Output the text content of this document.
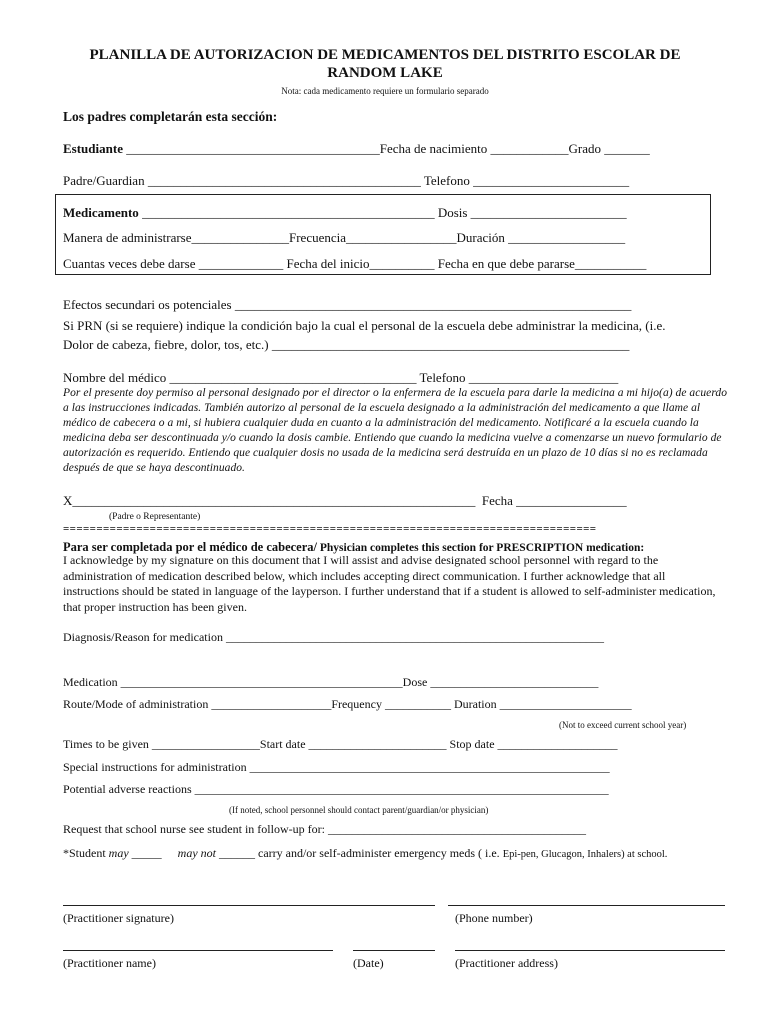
PLANILLA DE AUTORIZACION DE MEDICAMENTOS DEL DISTRITO ESCOLAR DE
RANDOM LAKE
Nota: cada medicamento requiere un formulario separado
Los padres completarán esta sección:
Estudiante _______________________________________Fecha de nacimiento ____________Grado _______
Padre/Guardian __________________________________________ Telefono ________________________
Medicamento _____________________________________________ Dosis ________________________
Manera de administrarse_______________Frecuencia_________________Duración __________________
Cuantas veces debe darse _____________ Fecha del inicio__________ Fecha en que debe pararse___________
Efectos secundari os potenciales _____________________________________________________________
Si PRN (si se requiere) indique la condición bajo la cual el personal de la escuela debe administrar la medicina, (i.e.
Dolor de cabeza, fiebre, dolor, tos, etc.) _______________________________________________________
Nombre del médico ______________________________________ Telefono _______________________
Por el presente doy permiso al personal designado por el director o la enfermera de la escuela para darle la medicina a mi hijo(a) de acuerdo a las instrucciones indicadas. También autorizo al personal de la escuela designado a la administración del medicamento a que llame al médico de cabecera o a mi, si hubiera cualquier duda en cuanto a la administración del medicamento. Notificaré a la escuela cuando la medicina deba ser descontinuada y/o cuando la dosis cambie. Entiendo que cuando la medicina vuelve a comenzarse un nuevo formulario de autorización es requerido. Entiendo que cualquier dosis no usada de la medicina será destruída en un plazo de 10 días si no es reclamada después de que se haya descontinuado.
X______________________________________________________________  Fecha _________________
(Padre o Representante)
================================================================================
Para ser completada por el médico de cabecera/ Physician completes this section for PRESCRIPTION medication:
I acknowledge by my signature on this document that I will assist and advise designated school personnel with regard to the administration of medication described below, which includes accepting direct communication. I further acknowledge that all instructions should be stated in language of the layperson. I further understand that if a student is allowed to self-administer medication, that proper instruction has been given.
Diagnosis/Reason for medication _______________________________________________________________
Medication _______________________________________________Dose ____________________________
Route/Mode of administration ____________________Frequency ___________ Duration ______________________
(Not to exceed current school year)
Times to be given __________________Start date _______________________ Stop date ____________________
Special instructions for administration ____________________________________________________________
Potential adverse reactions _____________________________________________________________________
(If noted, school personnel should contact parent/guardian/or physician)
Request that school nurse see student in follow-up for: ___________________________________________
*Student may _____ may not ______ carry and/or self-administer emergency meds ( i.e. Epi-pen, Glucagon, Inhalers) at school.
(Practitioner signature)	(Phone number)
(Practitioner name)	(Date)	(Practitioner address)
